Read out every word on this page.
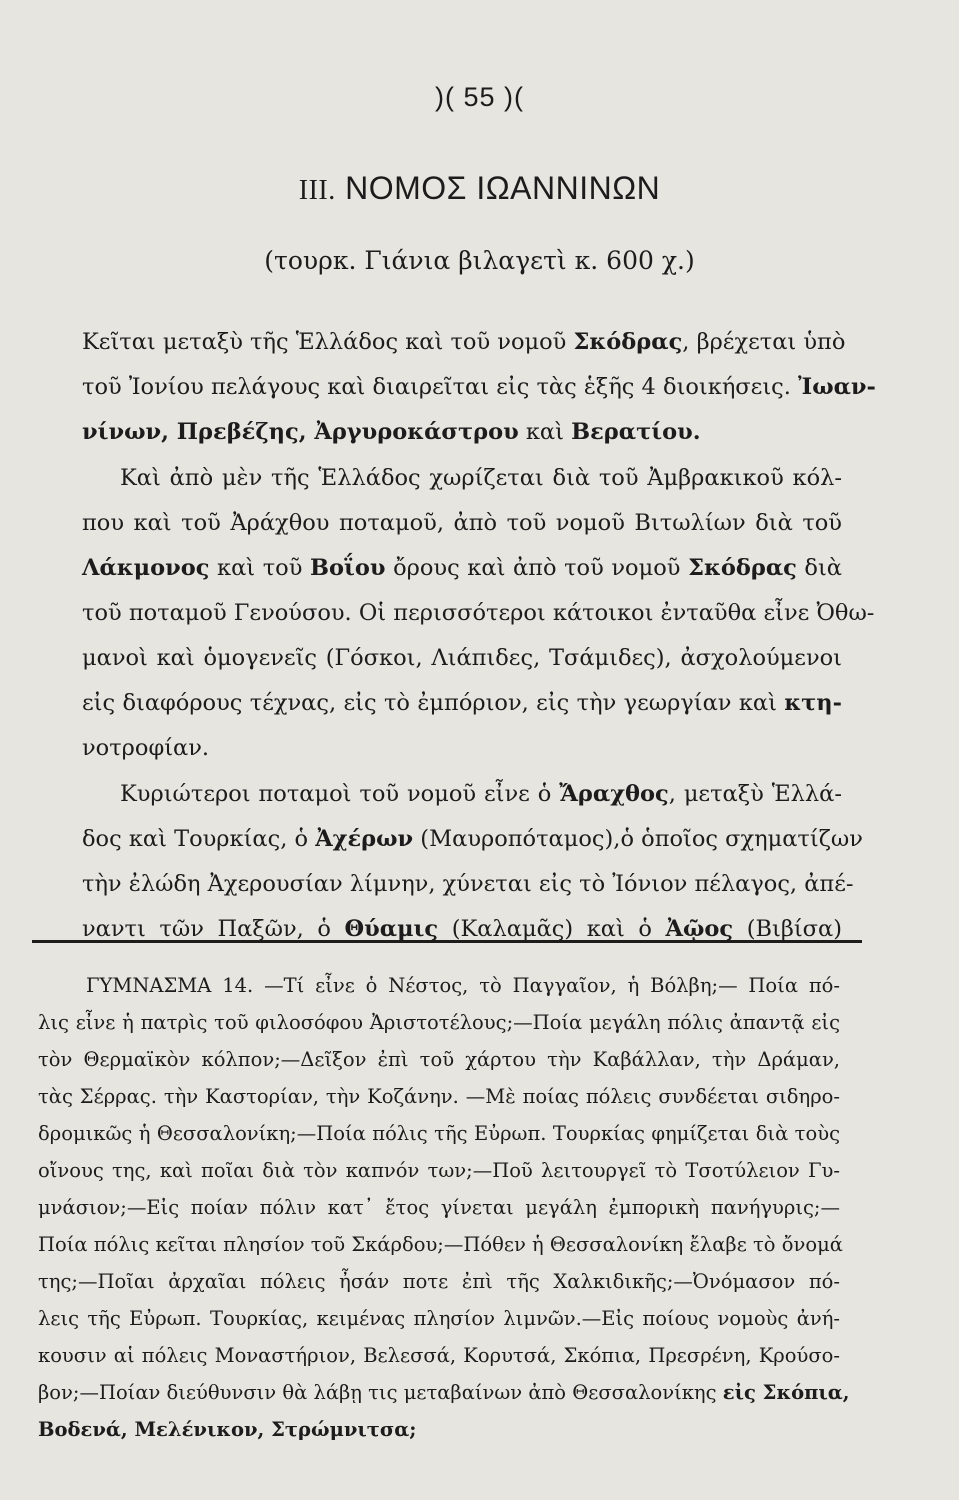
)( 55 )(
III. ΝΟΜΟΣ ΙΩΑΝΝΙΝΩΝ
(τουρκ. Γιάνια βιλαγετὶ κ. 600 χ.)
Κεῖται μεταξὺ τῆς Ἑλλάδος καὶ τοῦ νομοῦ Σκόδρας, βρέχεται ὑπὸ
τοῦ Ἰονίου πελάγους καὶ διαιρεῖται εἰς τὰς ἑξῆς 4 διοικήσεις. Ἰωαν-
νίνων, Πρεβέζης, Ἀργυροκάστρου καὶ Βερατίου.
Καὶ ἀπὸ μὲν τῆς Ἑλλάδος χωρίζεται διὰ τοῦ Ἀμβρακικοῦ κόλ-
που καὶ τοῦ Ἀράχθου ποταμοῦ, ἀπὸ τοῦ νομοῦ Βιτωλίων διὰ τοῦ
Λάκμονος καὶ τοῦ Βοΐου ὄρους καὶ ἀπὸ τοῦ νομοῦ Σκόδρας διὰ
τοῦ ποταμοῦ Γενούσου. Οἱ περισσότεροι κάτοικοι ἐνταῦθα εἶνε Ὀθω-
μανοὶ καὶ ὁμογενεῖς (Γόσκοι, Λιάπιδες, Τσάμιδες), ἀσχολούμενοι
εἰς διαφόρους τέχνας, εἰς τὸ ἐμπόριον, εἰς τὴν γεωργίαν καὶ κτη-
νοτροφίαν.
Κυριώτεροι ποταμοὶ τοῦ νομοῦ εἶνε ὁ Ἄραχθος, μεταξὺ Ἑλλά-
δος καὶ Τουρκίας, ὁ Ἀχέρων (Μαυροπόταμος),ὁ ὁποῖος σχηματίζων
τὴν ἐλώδη Ἀχερουσίαν λίμνην, χύνεται εἰς τὸ Ἰόνιον πέλαγος, ἀπέ-
ναντι τῶν Παξῶν, ὁ Θύαμις (Καλαμᾶς) καὶ ὁ Ἀῷος (Βιβίσα)
ΓΥΜΝΑΣΜΑ 14. —Τί εἶνε ὁ Νέστος, τὸ Παγγαῖον, ἡ Βόλβη;— Ποία πό-
λις εἶνε ἡ πατρὶς τοῦ φιλοσόφου Ἀριστοτέλους;—Ποία μεγάλη πόλις ἀπαντᾷ εἰς
τὸν Θερμαϊκὸν κόλπον;—Δεῖξον ἐπὶ τοῦ χάρτου τὴν Καβάλλαν, τὴν Δράμαν,
τὰς Σέρρας. τὴν Καστορίαν, τὴν Κοζάνην. —Μὲ ποίας πόλεις συνδέεται σιδηρο-
δρομικῶς ἡ Θεσσαλονίκη;—Ποία πόλις τῆς Εὐρωπ. Τουρκίας φημίζεται διὰ τοὺς
οἴνους της, καὶ ποῖαι διὰ τὸν καπνόν των;—Ποῦ λειτουργεῖ τὸ Τσοτύλειον Γυ-
μνάσιον;—Εἰς ποίαν πόλιν κατ᾽ ἔτος γίνεται μεγάλη ἐμπορικὴ πανήγυρις;—
Ποία πόλις κεῖται πλησίον τοῦ Σκάρδου;—Πόθεν ἡ Θεσσαλονίκη ἔλαβε τὸ ὄνομά
της;—Ποῖαι ἀρχαῖαι πόλεις ἦσάν ποτε ἐπὶ τῆς Χαλκιδικῆς;—Ὀνόμασον πό-
λεις τῆς Εὐρωπ. Τουρκίας, κειμένας πλησίον λιμνῶν.—Εἰς ποίους νομοὺς ἀνή-
κουσιν αἱ πόλεις Μοναστήριον, Βελεσσά, Κορυτσά, Σκόπια, Πρεσρένη, Κρούσο-
βον;—Ποίαν διεύθυνσιν θὰ λάβῃ τις μεταβαίνων ἀπὸ Θεσσαλονίκης εἰς Σκόπια,
Βοδενά, Μελένικον, Στρώμνιτσα;
